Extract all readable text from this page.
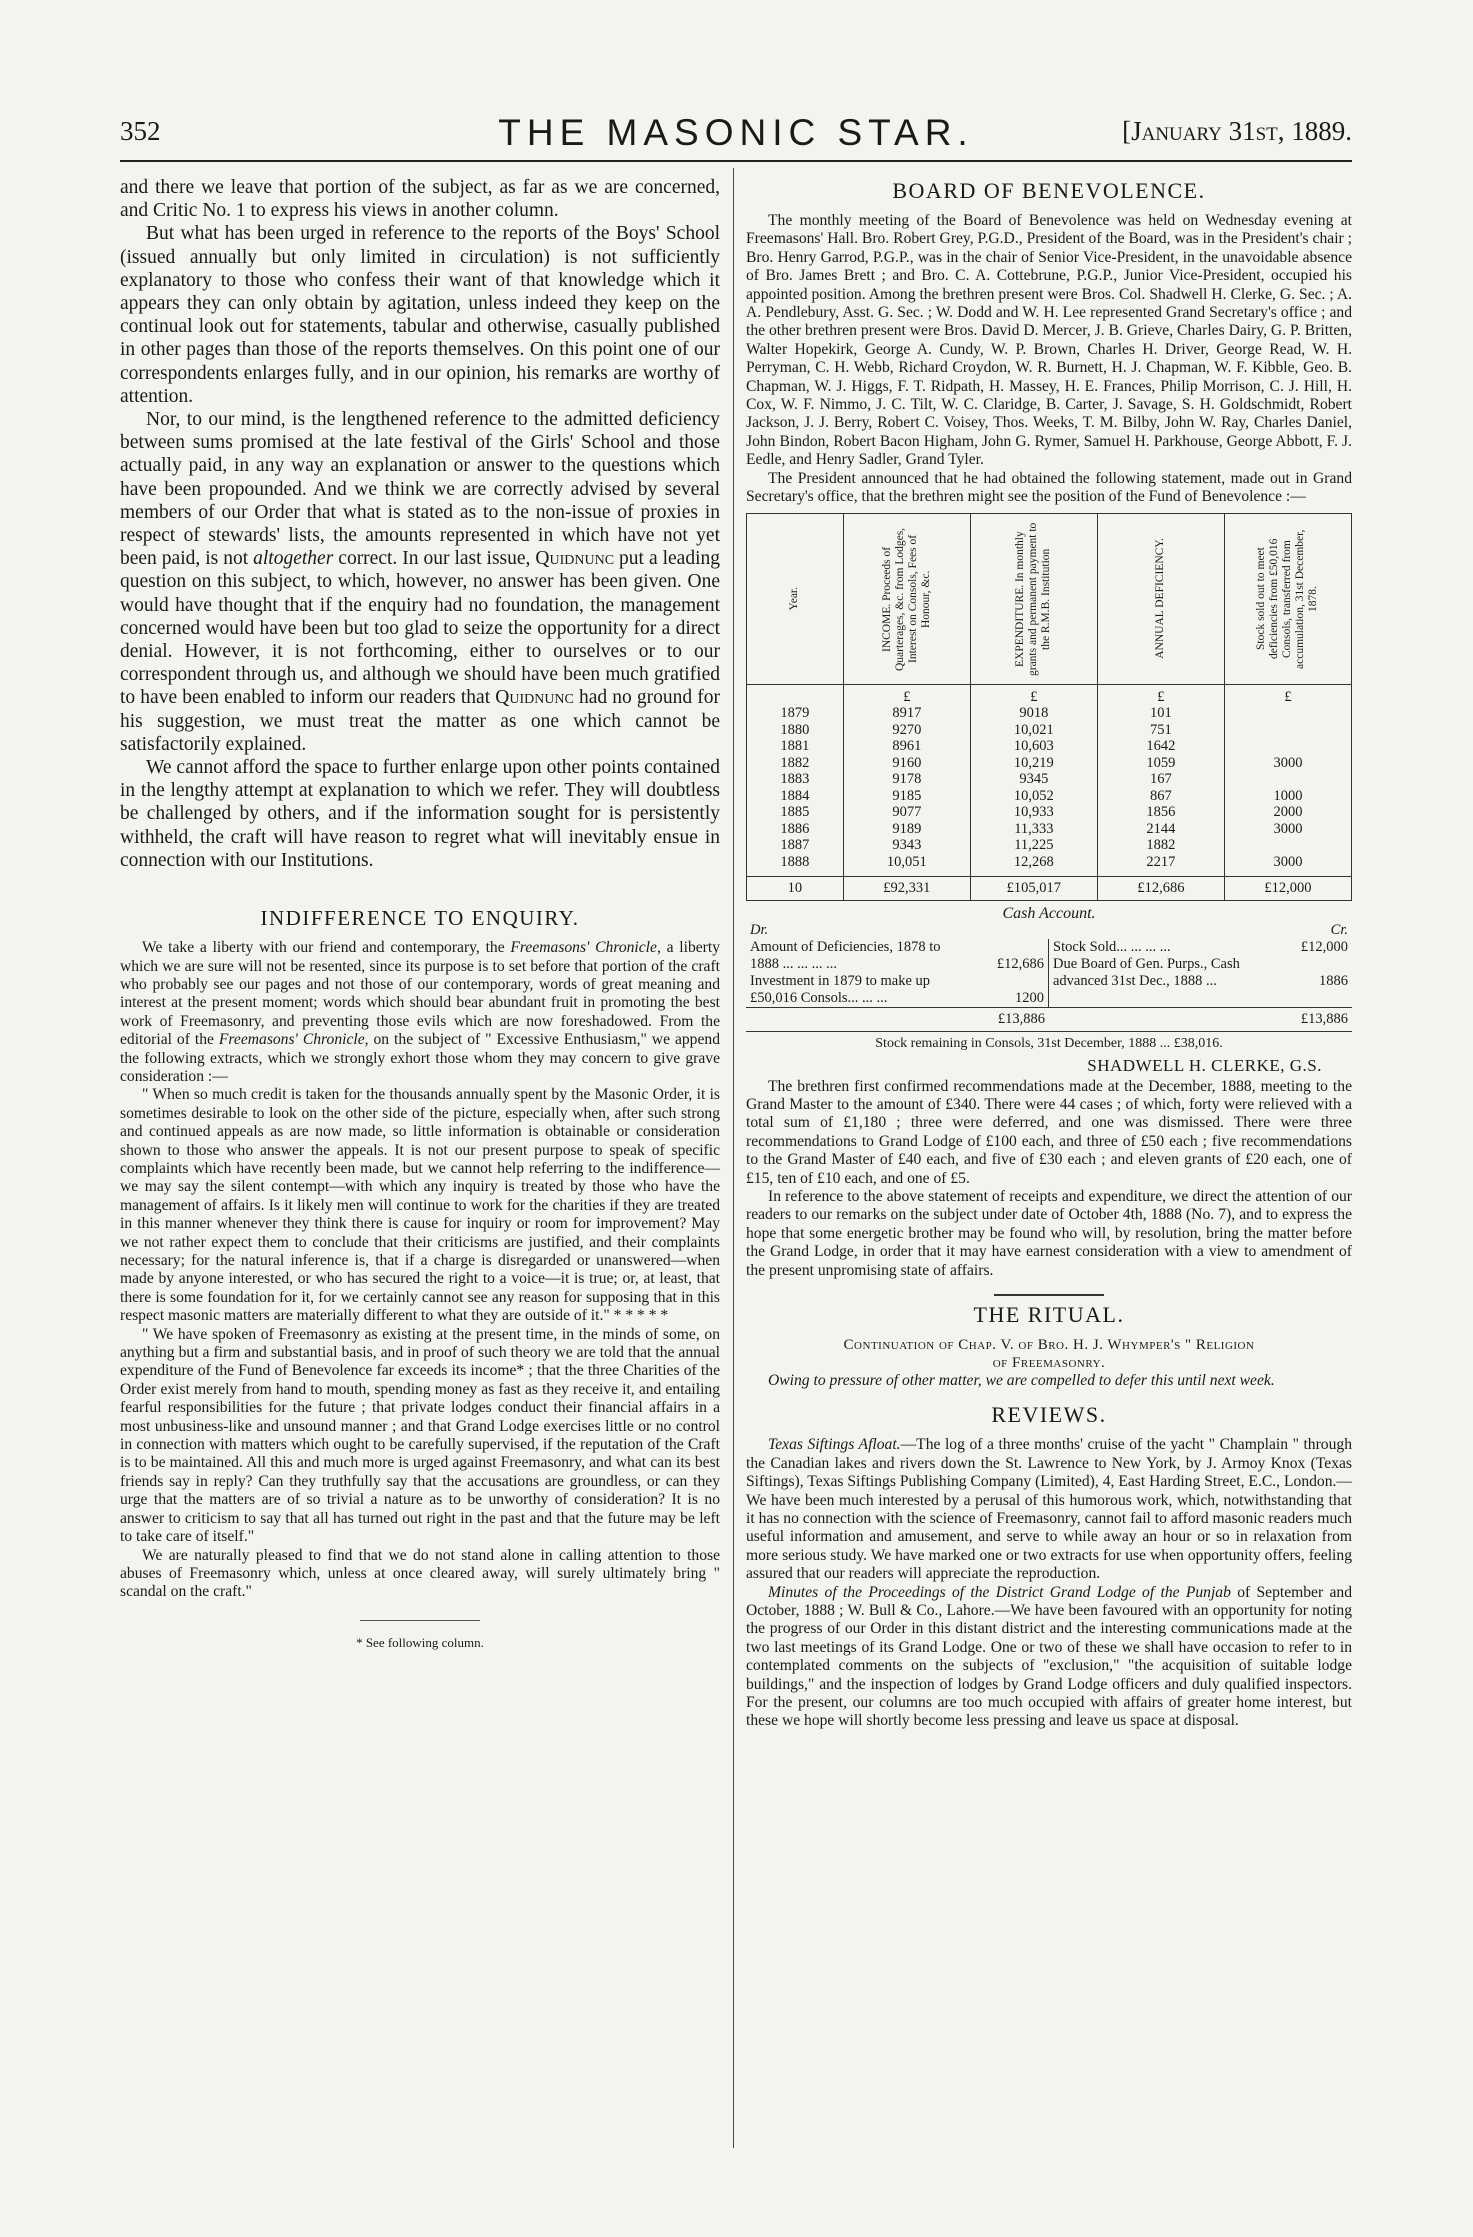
352	THE MASONIC STAR.	[January 31st, 1889.

and there we leave that portion of the subject, as far as we are concerned, and Critic No. 1 to express his views in another column.

But what has been urged in reference to the reports of the Boys' School (issued annually but only limited in circulation) is not sufficiently explanatory to those who confess their want of that knowledge which it appears they can only obtain by agitation, unless indeed they keep on the continual look out for statements, tabular and otherwise, casually published in other pages than those of the reports themselves. On this point one of our correspondents enlarges fully, and in our opinion, his remarks are worthy of attention.

Nor, to our mind, is the lengthened reference to the admitted deficiency between sums promised at the late festival of the Girls' School and those actually paid, in any way an explanation or answer to the questions which have been propounded. And we think we are correctly advised by several members of our Order that what is stated as to the non-issue of proxies in respect of stewards' lists, the amounts represented in which have not yet been paid, is not altogether correct. In our last issue, Quidnunc put a leading question on this subject, to which, however, no answer has been given. One would have thought that if the enquiry had no foundation, the management concerned would have been but too glad to seize the opportunity for a direct denial. However, it is not forthcoming, either to ourselves or to our correspondent through us, and although we should have been much gratified to have been enabled to inform our readers that Quidnunc had no ground for his suggestion, we must treat the matter as one which cannot be satisfactorily explained.

We cannot afford the space to further enlarge upon other points contained in the lengthy attempt at explanation to which we refer. They will doubtless be challenged by others, and if the information sought for is persistently withheld, the craft will have reason to regret what will inevitably ensue in connection with our Institutions.

INDIFFERENCE TO ENQUIRY.

We take a liberty with our friend and contemporary, the Freemasons' Chronicle, a liberty which we are sure will not be resented, since its purpose is to set before that portion of the craft who probably see our pages and not those of our contemporary, words of great meaning and interest at the present moment; words which should bear abundant fruit in promoting the best work of Freemasonry, and preventing those evils which are now foreshadowed. From the editorial of the Freemasons' Chronicle, on the subject of " Excessive Enthusiasm," we append the following extracts, which we strongly exhort those whom they may concern to give grave consideration :—

" When so much credit is taken for the thousands annually spent by the Masonic Order, it is sometimes desirable to look on the other side of the picture, especially when, after such strong and continued appeals as are now made, so little information is obtainable or consideration shown to those who answer the appeals. It is not our present purpose to speak of specific complaints which have recently been made, but we cannot help referring to the indifference—we may say the silent contempt—with which any inquiry is treated by those who have the management of affairs. Is it likely men will continue to work for the charities if they are treated in this manner whenever they think there is cause for inquiry or room for improvement? May we not rather expect them to conclude that their criticisms are justified, and their complaints necessary; for the natural inference is, that if a charge is disregarded or unanswered—when made by anyone interested, or who has secured the right to a voice—it is true; or, at least, that there is some foundation for it, for we certainly cannot see any reason for supposing that in this respect masonic matters are materially different to what they are outside of it." * * * * *

" We have spoken of Freemasonry as existing at the present time, in the minds of some, on anything but a firm and substantial basis, and in proof of such theory we are told that the annual expenditure of the Fund of Benevolence far exceeds its income* ; that the three Charities of the Order exist merely from hand to mouth, spending money as fast as they receive it, and entailing fearful responsibilities for the future ; that private lodges conduct their financial affairs in a most unbusiness-like and unsound manner ; and that Grand Lodge exercises little or no control in connection with matters which ought to be carefully supervised, if the reputation of the Craft is to be maintained. All this and much more is urged against Freemasonry, and what can its best friends say in reply? Can they truthfully say that the accusations are groundless, or can they urge that the matters are of so trivial a nature as to be unworthy of consideration? It is no answer to criticism to say that all has turned out right in the past and that the future may be left to take care of itself."

We are naturally pleased to find that we do not stand alone in calling attention to those abuses of Freemasonry which, unless at once cleared away, will surely ultimately bring " scandal on the craft."

* See following column.
BOARD OF BENEVOLENCE.

The monthly meeting of the Board of Benevolence was held on Wednesday evening at Freemasons' Hall. Bro. Robert Grey, P.G.D., President of the Board, was in the President's chair ; Bro. Henry Garrod, P.G.P., was in the chair of Senior Vice-President, in the unavoidable absence of Bro. James Brett ; and Bro. C. A. Cottebrune, P.G.P., Junior Vice-President, occupied his appointed position. Among the brethren present were Bros. Col. Shadwell H. Clerke, G. Sec. ; A. A. Pendlebury, Asst. G. Sec. ; W. Dodd and W. H. Lee represented Grand Secretary's office ; and the other brethren present were Bros. David D. Mercer, J. B. Grieve, Charles Dairy, G. P. Britten, Walter Hopekirk, George A. Cundy, W. P. Brown, Charles H. Driver, George Read, W. H. Perryman, C. H. Webb, Richard Croydon, W. R. Burnett, H. J. Chapman, W. F. Kibble, Geo. B. Chapman, W. J. Higgs, F. T. Ridpath, H. Massey, H. E. Frances, Philip Morrison, C. J. Hill, H. Cox, W. F. Nimmo, J. C. Tilt, W. C. Claridge, B. Carter, J. Savage, S. H. Goldschmidt, Robert Jackson, J. J. Berry, Robert C. Voisey, Thos. Weeks, T. M. Bilby, John W. Ray, Charles Daniel, John Bindon, Robert Bacon Higham, John G. Rymer, Samuel H. Parkhouse, George Abbott, F. J. Eedle, and Henry Sadler, Grand Tyler.

The President announced that he had obtained the following statement, made out in Grand Secretary's office, that the brethren might see the position of the Fund of Benevolence :—

Year.	INCOME. Proceeds of Quarterages, &c. from Lodges, Interest on Consols, Fees of Honour, &c.	EXPENDITURE. In monthly grants and permanent payment to the R.M.B. Institution	ANNUAL DEFICIENCY.	Stock sold out to meet deficiencies from £50,016 Consols, transferred from accumulation, 31st December, 1878.

	£	£	£	£
1879	8917	9018	101	
1880	9270	10,021	751	
1881	8961	10,603	1642	
1882	9160	10,219	1059	3000
1883	9178	9345	167	
1884	9185	10,052	867	1000
1885	9077	10,933	1856	2000
1886	9189	11,333	2144	3000
1887	9343	11,225	1882	
1888	10,051	12,268	2217	3000
10	£92,331	£105,017	£12,686	£12,000
Cash Account.
Dr.	Cr.
Amount of Deficiencies, 1878 to
1888 ... ... ... ...	£12,686
Investment in 1879 to make up
£50,016 Consols... ... ...	1200
Stock Sold... ... ... ...	£12,000
Due Board of Gen. Purps., Cash
advanced 31st Dec., 1888 ...	1886
£13,886	£13,886
Stock remaining in Consols, 31st December, 1888 ... £38,016.
SHADWELL H. CLERKE, G.S.

The brethren first confirmed recommendations made at the December, 1888, meeting to the Grand Master to the amount of £340. There were 44 cases ; of which, forty were relieved with a total sum of £1,180 ; three were deferred, and one was dismissed. There were three recommendations to Grand Lodge of £100 each, and three of £50 each ; five recommendations to the Grand Master of £40 each, and five of £30 each ; and eleven grants of £20 each, one of £15, ten of £10 each, and one of £5.

In reference to the above statement of receipts and expenditure, we direct the attention of our readers to our remarks on the subject under date of October 4th, 1888 (No. 7), and to express the hope that some energetic brother may be found who will, by resolution, bring the matter before the Grand Lodge, in order that it may have earnest consideration with a view to amendment of the present unpromising state of affairs.

THE RITUAL.

Continuation of Chap. V. of Bro. H. J. Whymper's " Religion

of Freemasonry.

Owing to pressure of other matter, we are compelled to defer this until next week.

REVIEWS.

Texas Siftings Afloat.—The log of a three months' cruise of the yacht " Champlain " through the Canadian lakes and rivers down the St. Lawrence to New York, by J. Armoy Knox (Texas Siftings), Texas Siftings Publishing Company (Limited), 4, East Harding Street, E.C., London.—We have been much interested by a perusal of this humorous work, which, notwithstanding that it has no connection with the science of Freemasonry, cannot fail to afford masonic readers much useful information and amusement, and serve to while away an hour or so in relaxation from more serious study. We have marked one or two extracts for use when opportunity offers, feeling assured that our readers will appreciate the reproduction.

Minutes of the Proceedings of the District Grand Lodge of the Punjab of September and October, 1888 ; W. Bull & Co., Lahore.—We have been favoured with an opportunity for noting the progress of our Order in this distant district and the interesting communications made at the two last meetings of its Grand Lodge. One or two of these we shall have occasion to refer to in contemplated comments on the subjects of "exclusion," "the acquisition of suitable lodge buildings," and the inspection of lodges by Grand Lodge officers and duly qualified inspectors. For the present, our columns are too much occupied with affairs of greater home interest, but these we hope will shortly become less pressing and leave us space at disposal.
